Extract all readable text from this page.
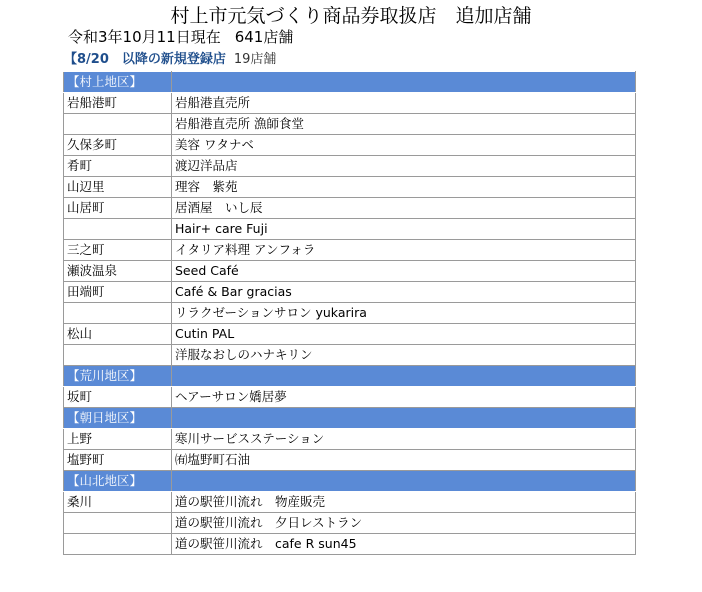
村上市元気づくり商品券取扱店　追加店舗
令和3年10月11日現在 641店舗
【8/20　以降の新規登録店 19店舗
【村上地区】	
岩船港町	岩船港直売所
	岩船港直売所 漁師食堂
久保多町	美容 ワタナベ
肴町	渡辺洋品店
山辺里	理容　紫苑
山居町	居酒屋　いし辰
	Hair+ care Fuji
三之町	イタリア料理 アンフォラ
瀬波温泉	Seed Café
田端町	Café & Bar gracias
	リラクゼーションサロン yukarira
松山	Cutin PAL
	洋服なおしのハナキリン
【荒川地区】	
坂町	ヘアーサロン嬌居夢
【朝日地区】	
上野	寒川サービスステーション
塩野町	㈲塩野町石油
【山北地区】	
桑川	道の駅笹川流れ　物産販売
	道の駅笹川流れ　夕日レストラン
	道の駅笹川流れ　cafe R sun45
